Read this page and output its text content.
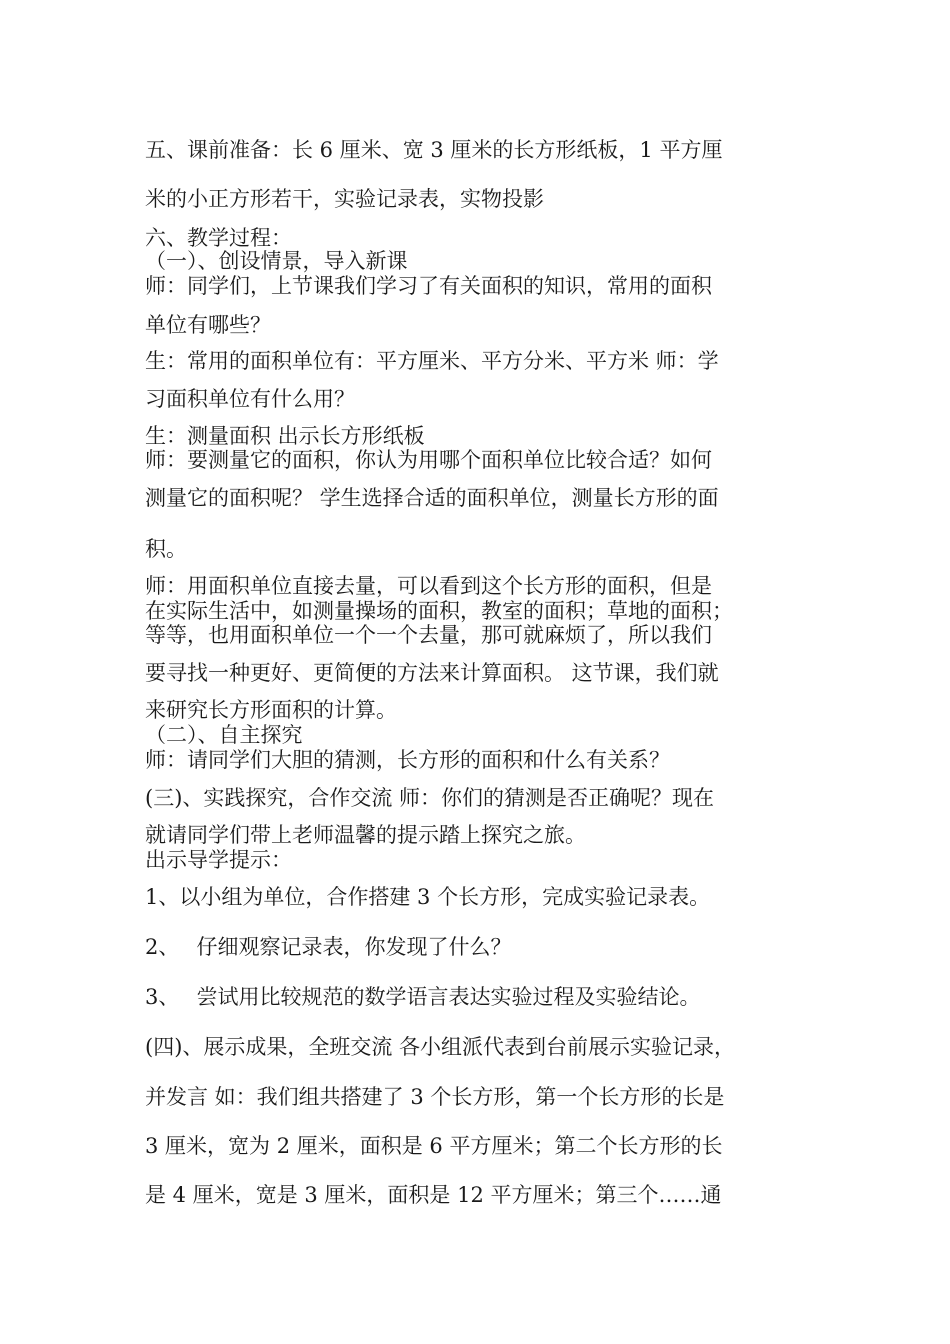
五、课前准备：长 6 厘米、宽 3 厘米的长方形纸板，1 平方厘

米的小正方形若干，实验记录表，实物投影

六、教学过程：

（一）、创设情景，导入新课

师：同学们，上节课我们学习了有关面积的知识，常用的面积

单位有哪些？

生：常用的面积单位有：平方厘米、平方分米、平方米 师：学

习面积单位有什么用？

生：测量面积 出示长方形纸板

师：要测量它的面积，你认为用哪个面积单位比较合适？如何

测量它的面积呢？ 学生选择合适的面积单位，测量长方形的面

积。

师：用面积单位直接去量，可以看到这个长方形的面积，但是

在实际生活中，如测量操场的面积，教室的面积；草地的面积；

等等，也用面积单位一个一个去量，那可就麻烦了，所以我们

要寻找一种更好、更简便的方法来计算面积。 这节课，我们就

来研究长方形面积的计算。

（二）、自主探究

师：请同学们大胆的猜测，长方形的面积和什么有关系？

(三)、实践探究，合作交流 师：你们的猜测是否正确呢？现在

就请同学们带上老师温馨的提示踏上探究之旅。

出示导学提示：

1、以小组为单位，合作搭建 3 个长方形，完成实验记录表。

2、　 仔细观察记录表，你发现了什么？

3、　 尝试用比较规范的数学语言表达实验过程及实验结论。

(四)、展示成果，全班交流 各小组派代表到台前展示实验记录，

并发言 如：我们组共搭建了 3 个长方形，第一个长方形的长是

3 厘米，宽为 2 厘米，面积是 6 平方厘米；第二个长方形的长

是 4 厘米，宽是 3 厘米，面积是 12 平方厘米；第三个……通
